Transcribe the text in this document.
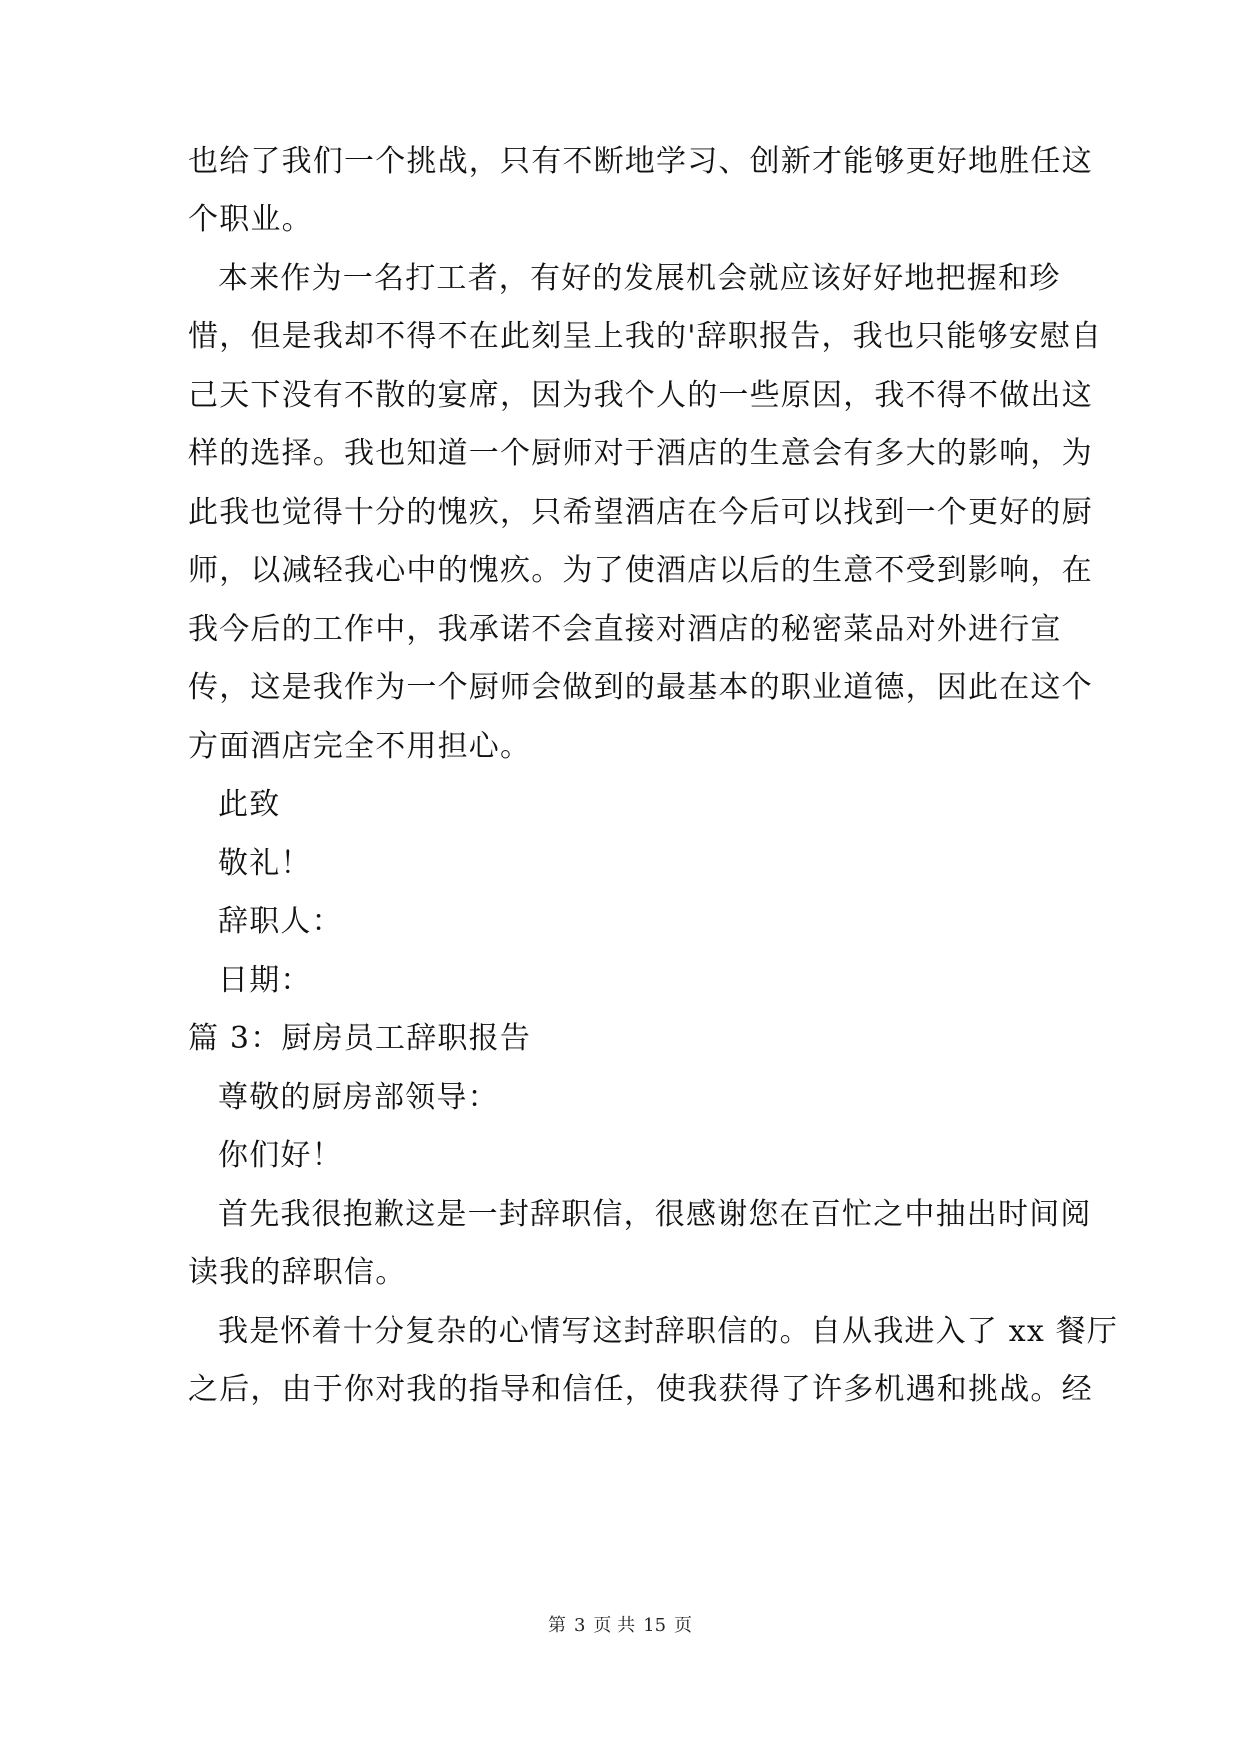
也给了我们一个挑战，只有不断地学习、创新才能够更好地胜任这
个职业。
本来作为一名打工者，有好的发展机会就应该好好地把握和珍
惜，但是我却不得不在此刻呈上我的'辞职报告，我也只能够安慰自
己天下没有不散的宴席，因为我个人的一些原因，我不得不做出这
样的选择。我也知道一个厨师对于酒店的生意会有多大的影响，为
此我也觉得十分的愧疚，只希望酒店在今后可以找到一个更好的厨
师，以减轻我心中的愧疚。为了使酒店以后的生意不受到影响，在
我今后的工作中，我承诺不会直接对酒店的秘密菜品对外进行宣
传，这是我作为一个厨师会做到的最基本的职业道德，因此在这个
方面酒店完全不用担心。
此致
敬礼！
辞职人：
日期：
篇 3：厨房员工辞职报告
尊敬的厨房部领导：
你们好！
首先我很抱歉这是一封辞职信，很感谢您在百忙之中抽出时间阅
读我的辞职信。
我是怀着十分复杂的心情写这封辞职信的。自从我进入了 xx 餐厅
之后，由于你对我的指导和信任，使我获得了许多机遇和挑战。经
第 3 页 共 15 页
